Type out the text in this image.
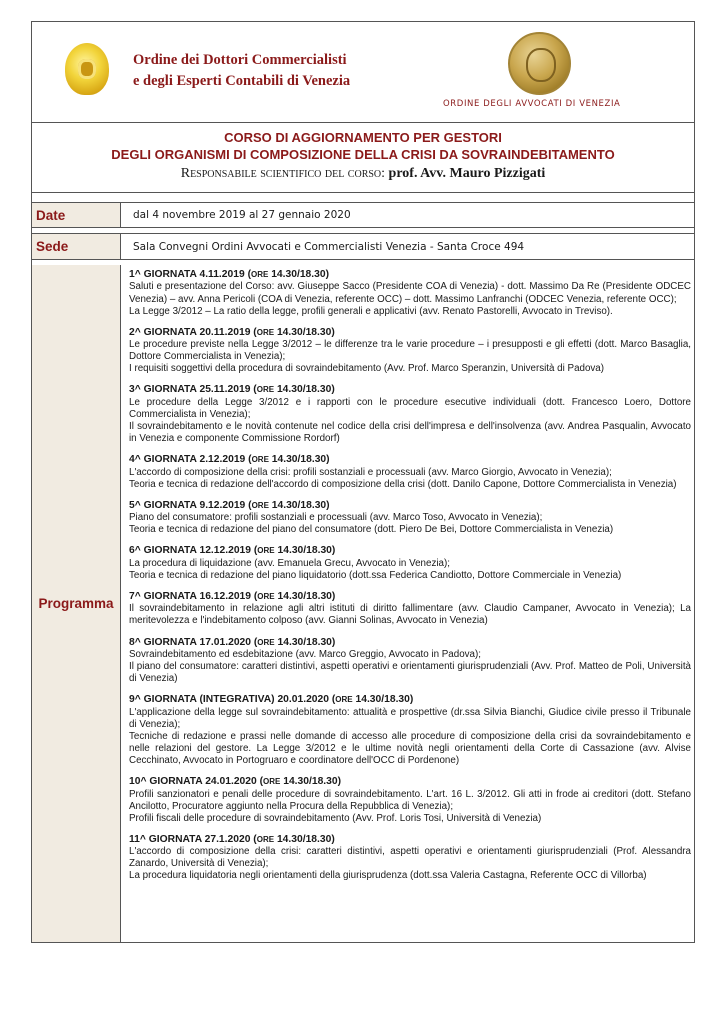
Ordine dei Dottori Commercialisti
e degli Esperti Contabili di Venezia
ORDINE DEGLI AVVOCATI DI VENEZIA
CORSO DI AGGIORNAMENTO PER GESTORI
DEGLI ORGANISMI DI COMPOSIZIONE DELLA CRISI DA SOVRAINDEBITAMENTO
Responsabile scientifico del corso: prof. Avv. Mauro Pizzigati
Date	dal 4 novembre 2019 al 27 gennaio 2020
Sede	Sala Convegni Ordini Avvocati e Commercialisti Venezia - Santa Croce 494
Programma
1^ GIORNATA 4.11.2019 (ORE 14.30/18.30)
Saluti e presentazione del Corso: avv. Giuseppe Sacco (Presidente COA di Venezia) - dott. Massimo Da Re (Presidente ODCEC Venezia) – avv. Anna Pericoli (COA di Venezia, referente OCC) – dott. Massimo Lanfranchi (ODCEC Venezia, referente OCC);
La Legge 3/2012 – La ratio della legge, profili generali e applicativi (avv. Renato Pastorelli, Avvocato in Treviso).
2^ GIORNATA 20.11.2019 (ORE 14.30/18.30)
Le procedure previste nella Legge 3/2012 – le differenze tra le varie procedure – i presupposti e gli effetti (dott. Marco Basaglia, Dottore Commercialista in Venezia);
I requisiti soggettivi della procedura di sovraindebitamento (Avv. Prof. Marco Speranzin, Università di Padova)
3^ GIORNATA 25.11.2019 (ORE 14.30/18.30)
Le procedure della Legge 3/2012 e i rapporti con le procedure esecutive individuali (dott. Francesco Loero, Dottore Commercialista in Venezia);
Il sovraindebitamento e le novità contenute nel codice della crisi dell'impresa e dell'insolvenza (avv. Andrea Pasqualin, Avvocato in Venezia e componente Commissione Rordorf)
4^ GIORNATA 2.12.2019 (ORE 14.30/18.30)
L'accordo di composizione della crisi: profili sostanziali e processuali (avv. Marco Giorgio, Avvocato in Venezia);
Teoria e tecnica di redazione dell'accordo di composizione della crisi (dott. Danilo Capone, Dottore Commercialista in Venezia)
5^ GIORNATA 9.12.2019 (ORE 14.30/18.30)
Piano del consumatore: profili sostanziali e processuali (avv. Marco Toso, Avvocato in Venezia);
Teoria e tecnica di redazione del piano del consumatore (dott. Piero De Bei, Dottore Commercialista in Venezia)
6^ GIORNATA 12.12.2019 (ORE 14.30/18.30)
La procedura di liquidazione (avv. Emanuela Grecu, Avvocato in Venezia);
Teoria e tecnica di redazione del piano liquidatorio (dott.ssa Federica Candiotto, Dottore Commerciale in Venezia)
7^ GIORNATA 16.12.2019 (ORE 14.30/18.30)
Il sovraindebitamento in relazione agli altri istituti di diritto fallimentare (avv. Claudio Campaner, Avvocato in Venezia); La meritevolezza e l'indebitamento colposo (avv. Gianni Solinas, Avvocato in Venezia)
8^ GIORNATA 17.01.2020 (ORE 14.30/18.30)
Sovraindebitamento ed esdebitazione (avv. Marco Greggio, Avvocato in Padova);
Il piano del consumatore: caratteri distintivi, aspetti operativi e orientamenti giurisprudenziali (Avv. Prof. Matteo de Poli, Università di Venezia)
9^ GIORNATA (INTEGRATIVA) 20.01.2020 (ORE 14.30/18.30)
L'applicazione della legge sul sovraindebitamento: attualità e prospettive (dr.ssa Silvia Bianchi, Giudice civile presso il Tribunale di Venezia);
Tecniche di redazione e prassi nelle domande di accesso alle procedure di composizione della crisi da sovraindebitamento e nelle relazioni del gestore. La Legge 3/2012 e le ultime novità negli orientamenti della Corte di Cassazione (avv. Alvise Cecchinato, Avvocato in Portogruaro e coordinatore dell'OCC di Pordenone)
10^ GIORNATA 24.01.2020 (ORE 14.30/18.30)
Profili sanzionatori e penali delle procedure di sovraindebitamento. L'art. 16 L. 3/2012. Gli atti in frode ai creditori (dott. Stefano Ancilotto, Procuratore aggiunto nella Procura della Repubblica di Venezia);
Profili fiscali delle procedure di sovraindebitamento (Avv. Prof. Loris Tosi, Università di Venezia)
11^ GIORNATA 27.1.2020 (ORE 14.30/18.30)
L'accordo di composizione della crisi: caratteri distintivi, aspetti operativi e orientamenti giurisprudenziali (Prof. Alessandra Zanardo, Università di Venezia);
La procedura liquidatoria negli orientamenti della giurisprudenza (dott.ssa Valeria Castagna, Referente OCC di Villorba)
